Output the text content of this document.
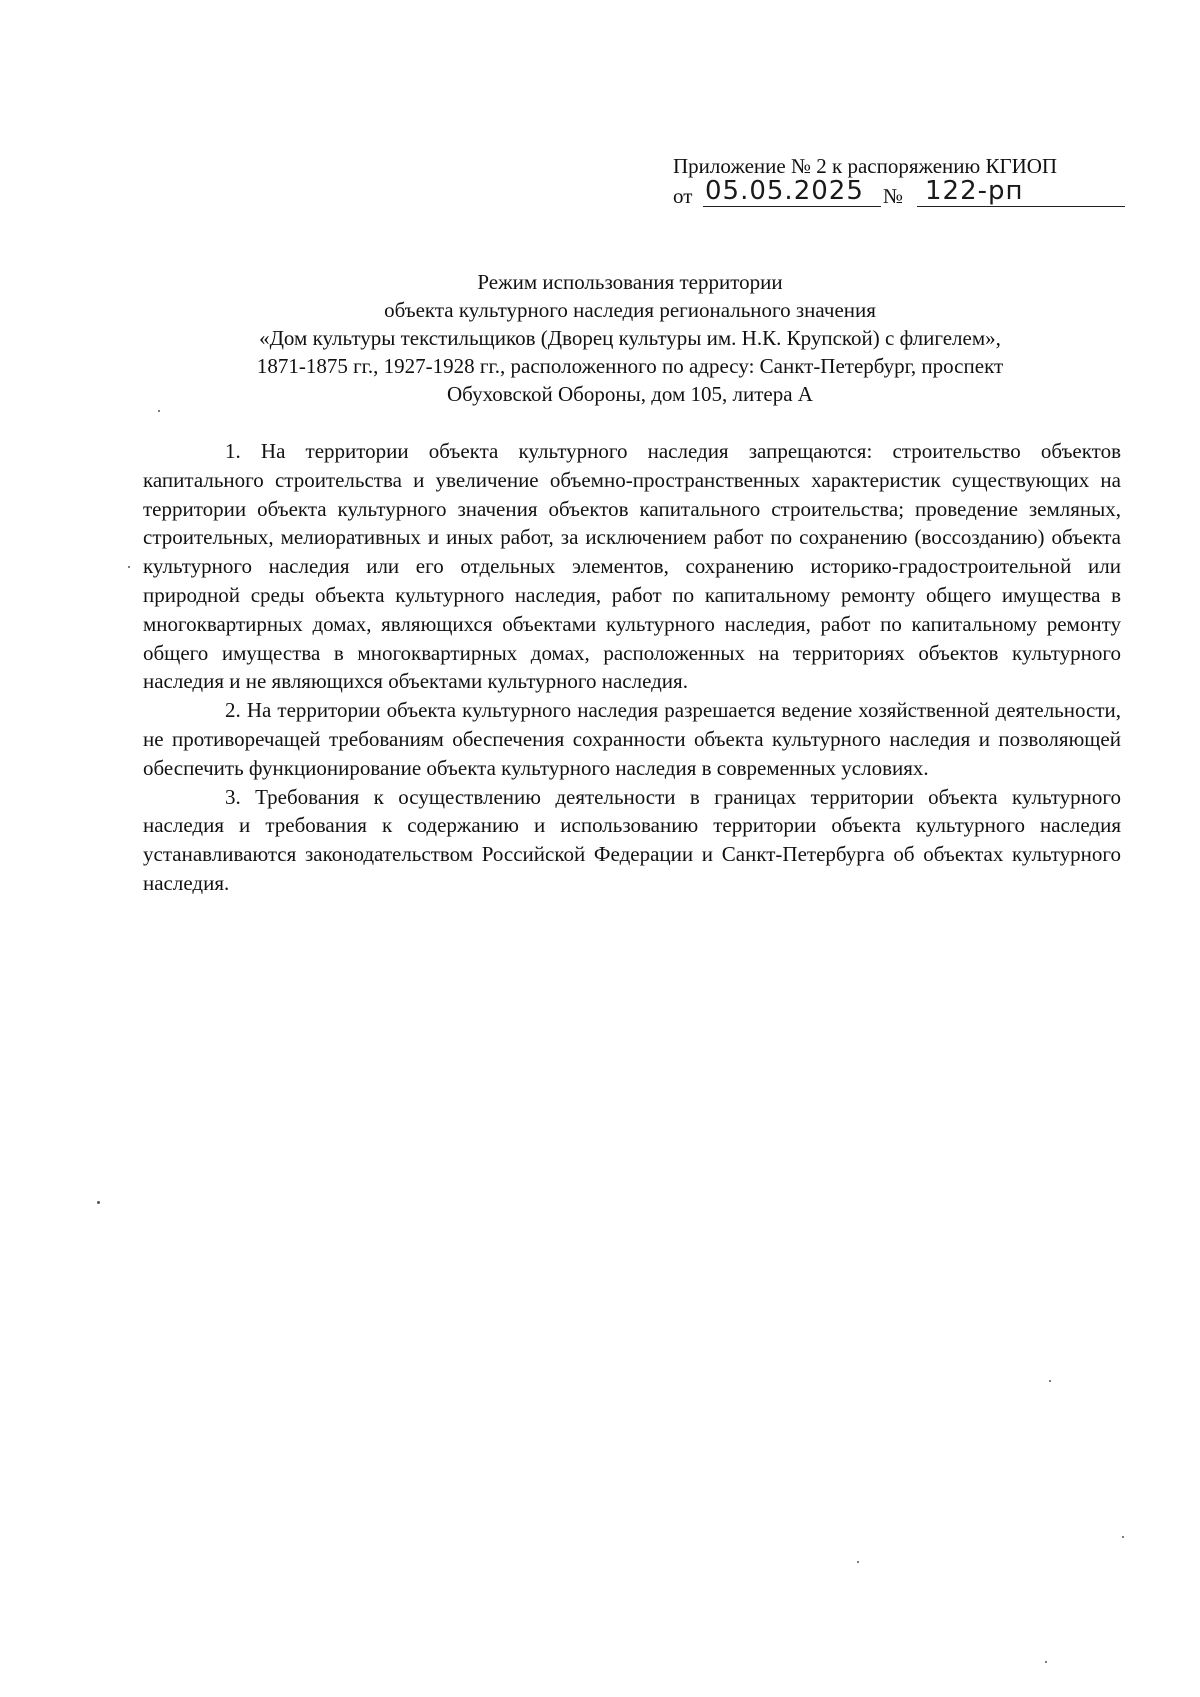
Приложение № 2 к распоряжению КГИОП
от 05.05.2025 № 122-рп
Режим использования территории
объекта культурного наследия регионального значения
«Дом культуры текстильщиков (Дворец культуры им. Н.К. Крупской) с флигелем»,
1871-1875 гг., 1927-1928 гг., расположенного по адресу: Санкт-Петербург, проспект
Обуховской Обороны, дом 105, литера А

1. На территории объекта культурного наследия запрещаются: строительство объектов капитального строительства и увеличение объемно-пространственных характеристик существующих на территории объекта культурного значения объектов капитального строительства; проведение земляных, строительных, мелиоративных и иных работ, за исключением работ по сохранению (воссозданию) объекта культурного наследия или его отдельных элементов, сохранению историко-градостроительной или природной среды объекта культурного наследия, работ по капитальному ремонту общего имущества в многоквартирных домах, являющихся объектами культурного наследия, работ по капитальному ремонту общего имущества в многоквартирных домах, расположенных на территориях объектов культурного наследия и не являющихся объектами культурного наследия.

2. На территории объекта культурного наследия разрешается ведение хозяйственной деятельности, не противоречащей требованиям обеспечения сохранности объекта культурного наследия и позволяющей обеспечить функционирование объекта культурного наследия в современных условиях.

3. Требования к осуществлению деятельности в границах территории объекта культурного наследия и требования к содержанию и использованию территории объекта культурного наследия устанавливаются законодательством Российской Федерации и Санкт-Петербурга об объектах культурного наследия.
